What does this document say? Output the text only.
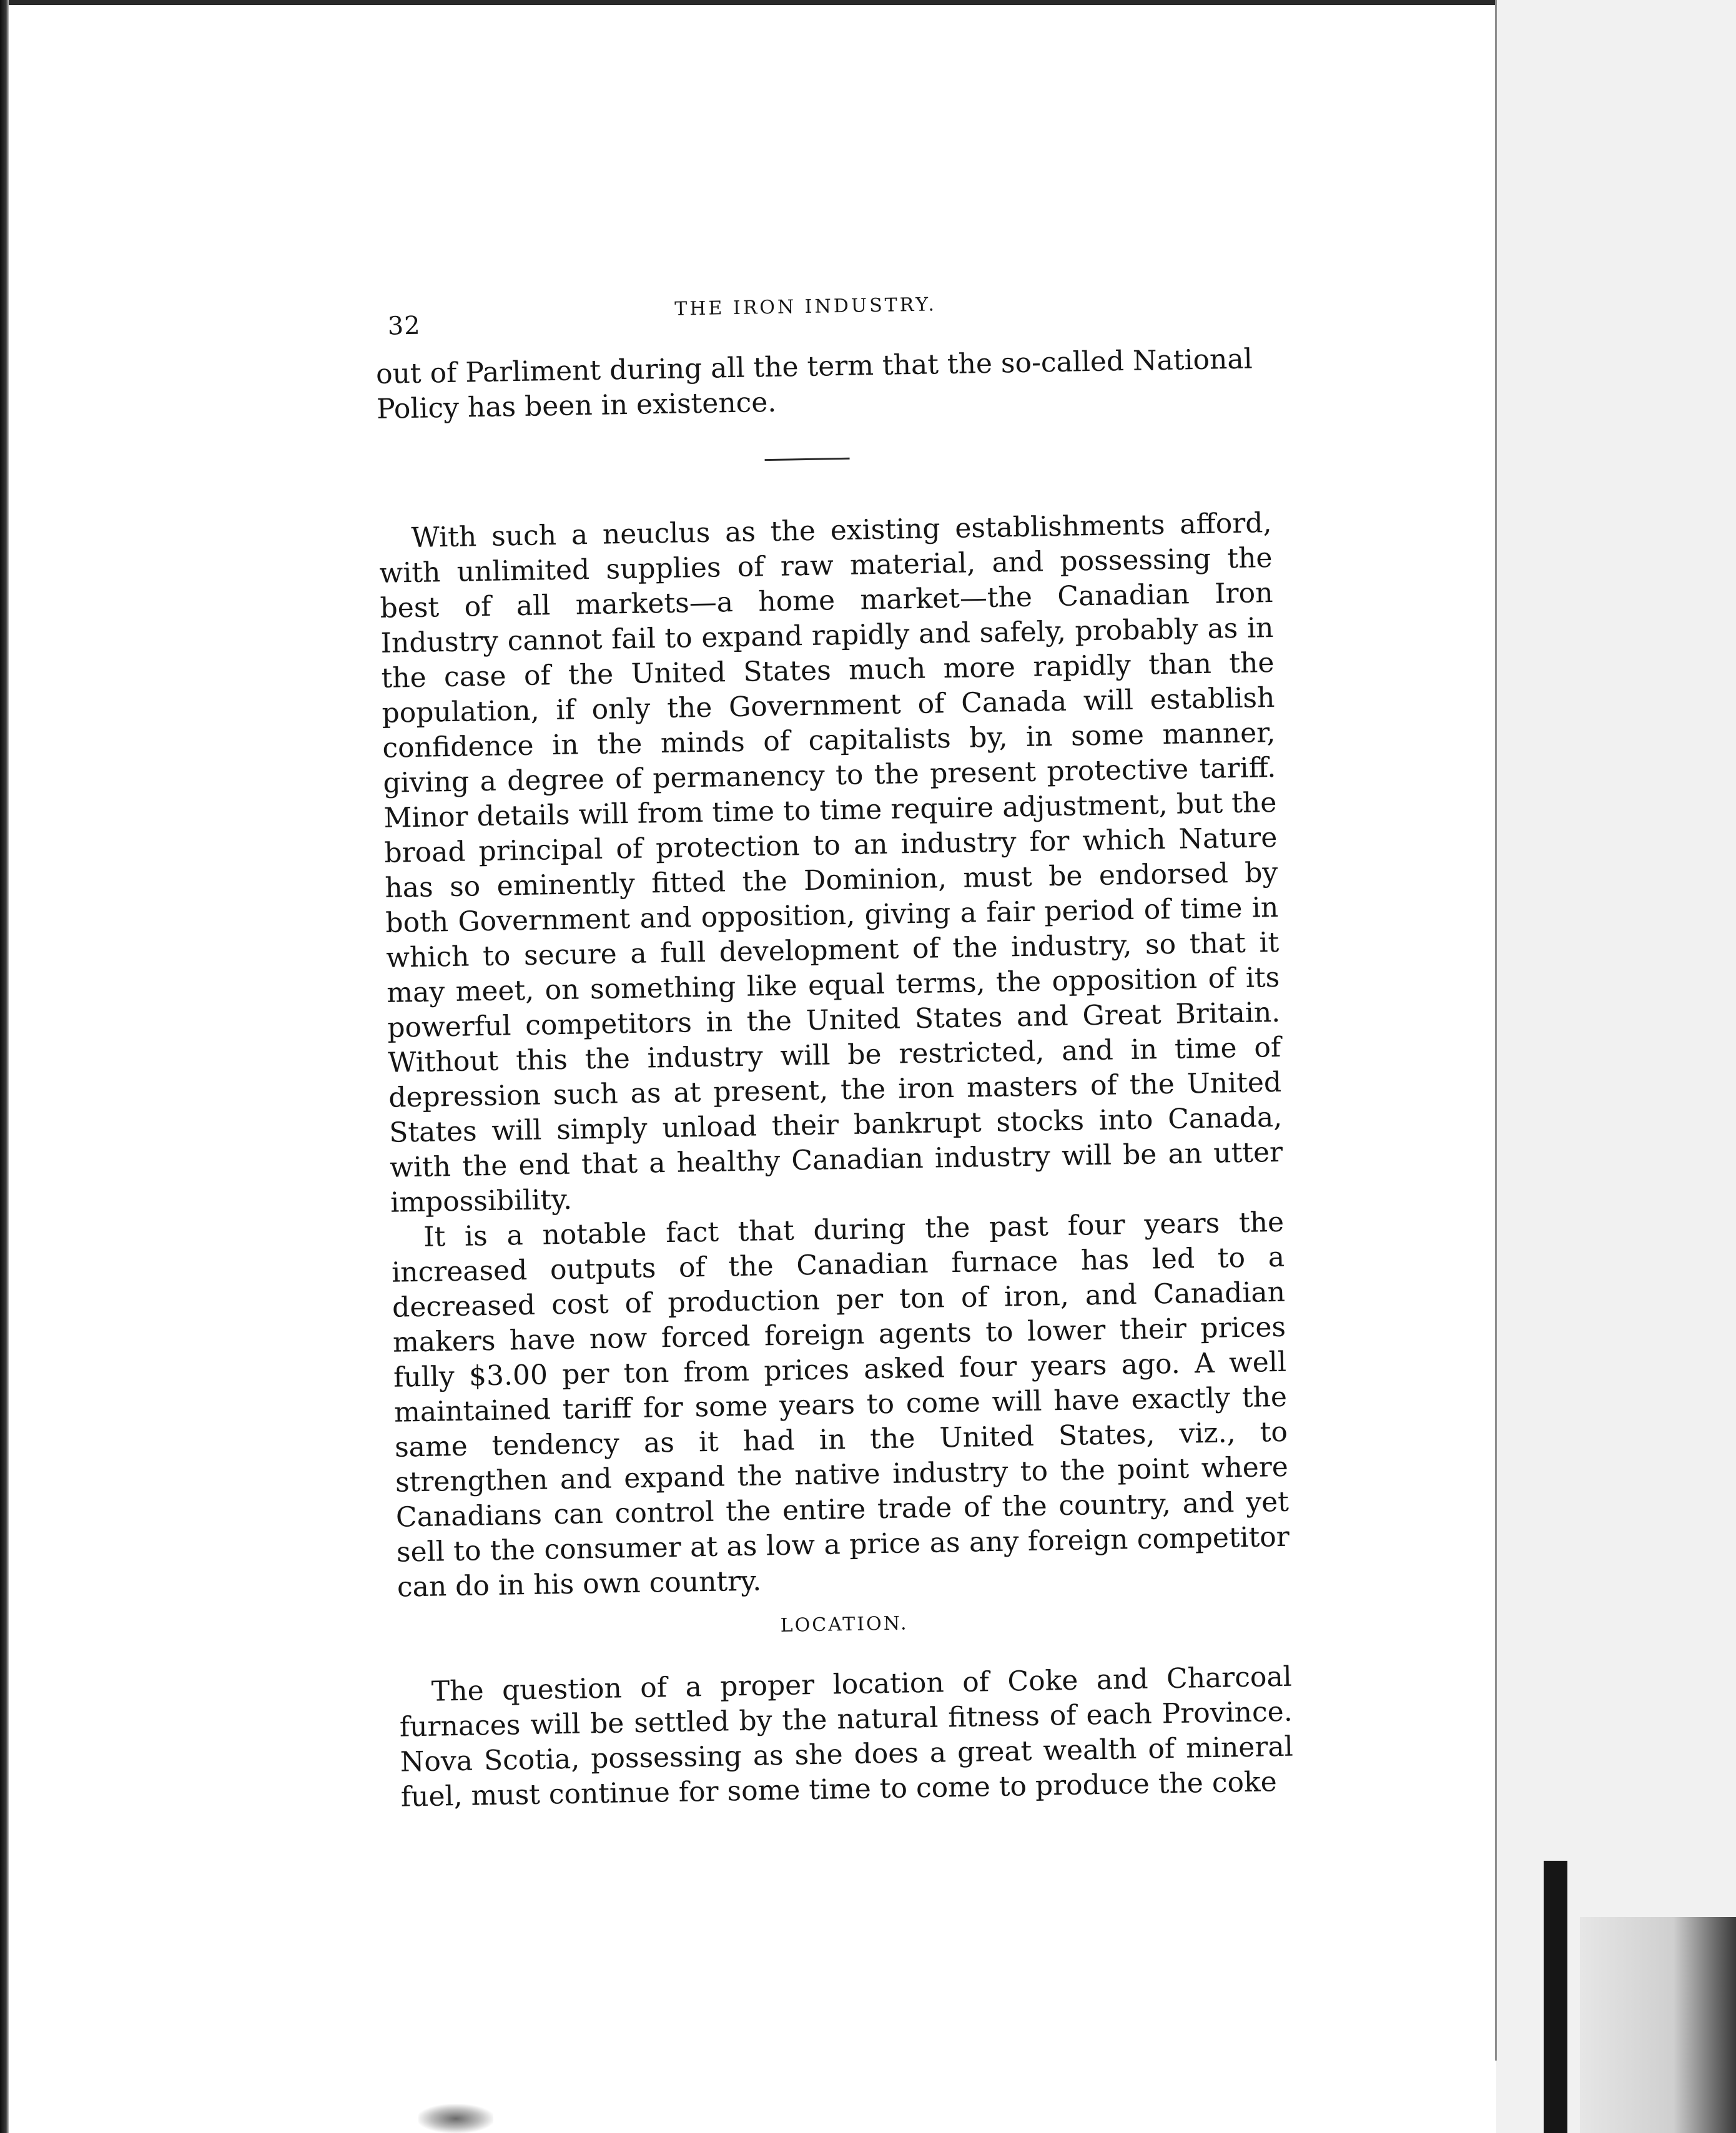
32
THE IRON INDUSTRY.

out of Parliment during all the term that the so-called National Policy has been in existence.

With such a neuclus as the existing establishments afford, with unlimited supplies of raw material, and possessing the best of all markets—a home market—the Canadian Iron Industry cannot fail to expand rapidly and safely, probably as in the case of the United States much more rapidly than the population, if only the Government of Canada will establish confidence in the minds of capitalists by, in some manner, giving a degree of permanency to the present protective tariff. Minor details will from time to time require adjustment, but the broad principal of protection to an industry for which Nature has so eminently fitted the Dominion, must be endorsed by both Government and opposition, giving a fair period of time in which to secure a full development of the industry, so that it may meet, on something like equal terms, the opposition of its powerful competitors in the United States and Great Britain. Without this the industry will be restricted, and in time of depression such as at present, the iron masters of the United States will simply unload their bankrupt stocks into Canada, with the end that a healthy Canadian industry will be an utter impossibility.

It is a notable fact that during the past four years the increased outputs of the Canadian furnace has led to a decreased cost of production per ton of iron, and Canadian makers have now forced foreign agents to lower their prices fully $3.00 per ton from prices asked four years ago. A well maintained tariff for some years to come will have exactly the same tendency as it had in the United States, viz., to strengthen and expand the native industry to the point where Canadians can control the entire trade of the country, and yet sell to the consumer at as low a price as any foreign competitor can do in his own country.

LOCATION.

The question of a proper location of Coke and Charcoal furnaces will be settled by the natural fitness of each Province. Nova Scotia, possessing as she does a great wealth of mineral fuel, must continue for some time to come to produce the coke
